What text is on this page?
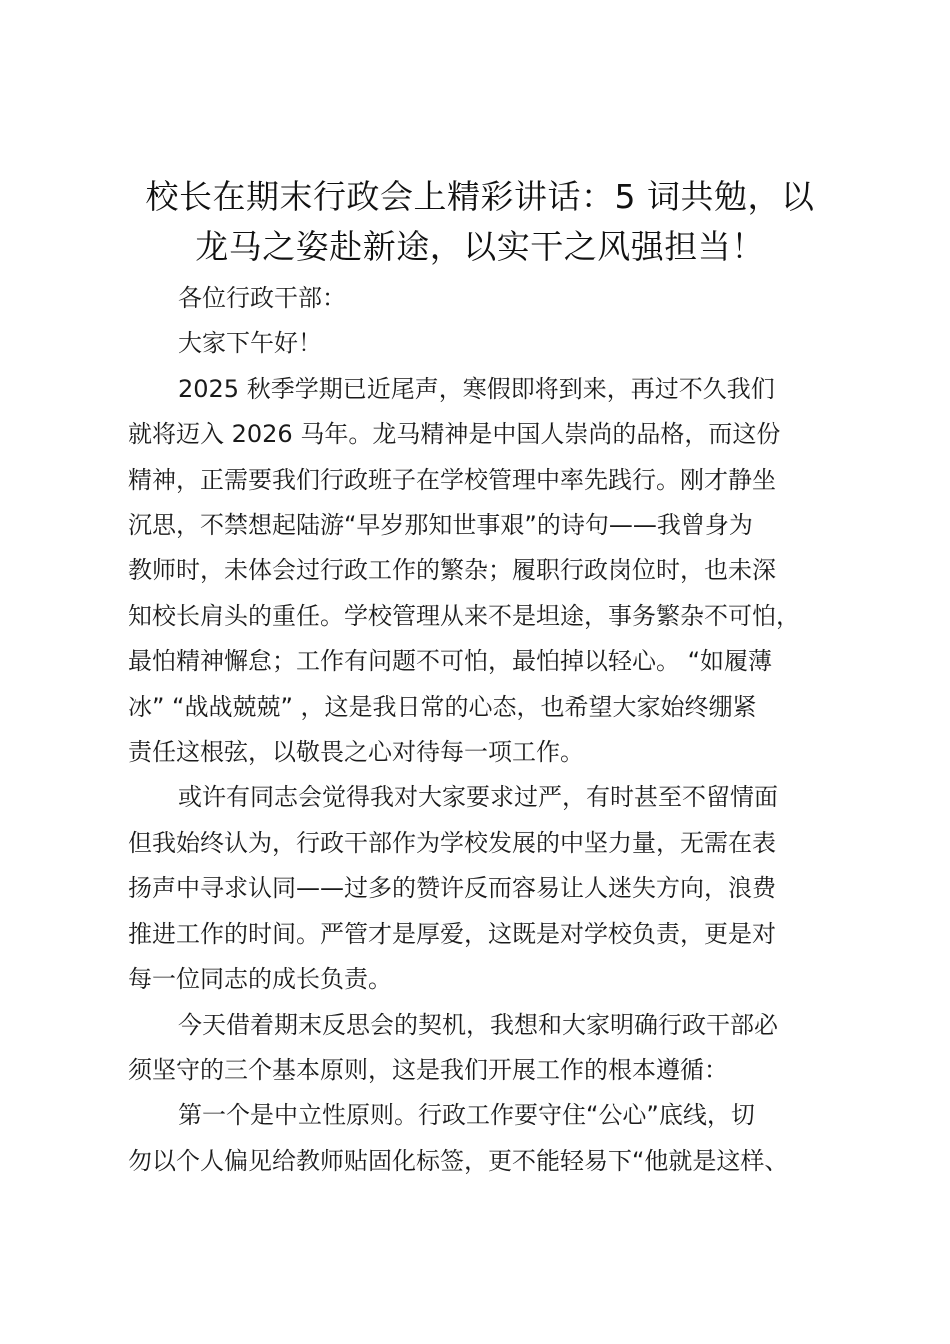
校长在期末行政会上精彩讲话：5 词共勉，以
龙马之姿赴新途，以实干之风强担当！

各位行政干部：

大家下午好！

2025 秋季学期已近尾声，寒假即将到来，再过不久我们
就将迈入 2026 马年。龙马精神是中国人崇尚的品格，而这份
精神，正需要我们行政班子在学校管理中率先践行。刚才静坐
沉思，不禁想起陆游“早岁那知世事艰”的诗句——我曾身为
教师时，未体会过行政工作的繁杂；履职行政岗位时，也未深
知校长肩头的重任。学校管理从来不是坦途，事务繁杂不可怕，
最怕精神懈怠；工作有问题不可怕，最怕掉以轻心。 “如履薄
冰” “战战兢兢” ，这是我日常的心态，也希望大家始终绷紧
责任这根弦，以敬畏之心对待每一项工作。

或许有同志会觉得我对大家要求过严，有时甚至不留情面
但我始终认为，行政干部作为学校发展的中坚力量，无需在表
扬声中寻求认同——过多的赞许反而容易让人迷失方向，浪费
推进工作的时间。严管才是厚爱，这既是对学校负责，更是对
每一位同志的成长负责。

今天借着期末反思会的契机，我想和大家明确行政干部必
须坚守的三个基本原则，这是我们开展工作的根本遵循：

第一个是中立性原则。行政工作要守住“公心”底线，切
勿以个人偏见给教师贴固化标签，更不能轻易下“他就是这样、
